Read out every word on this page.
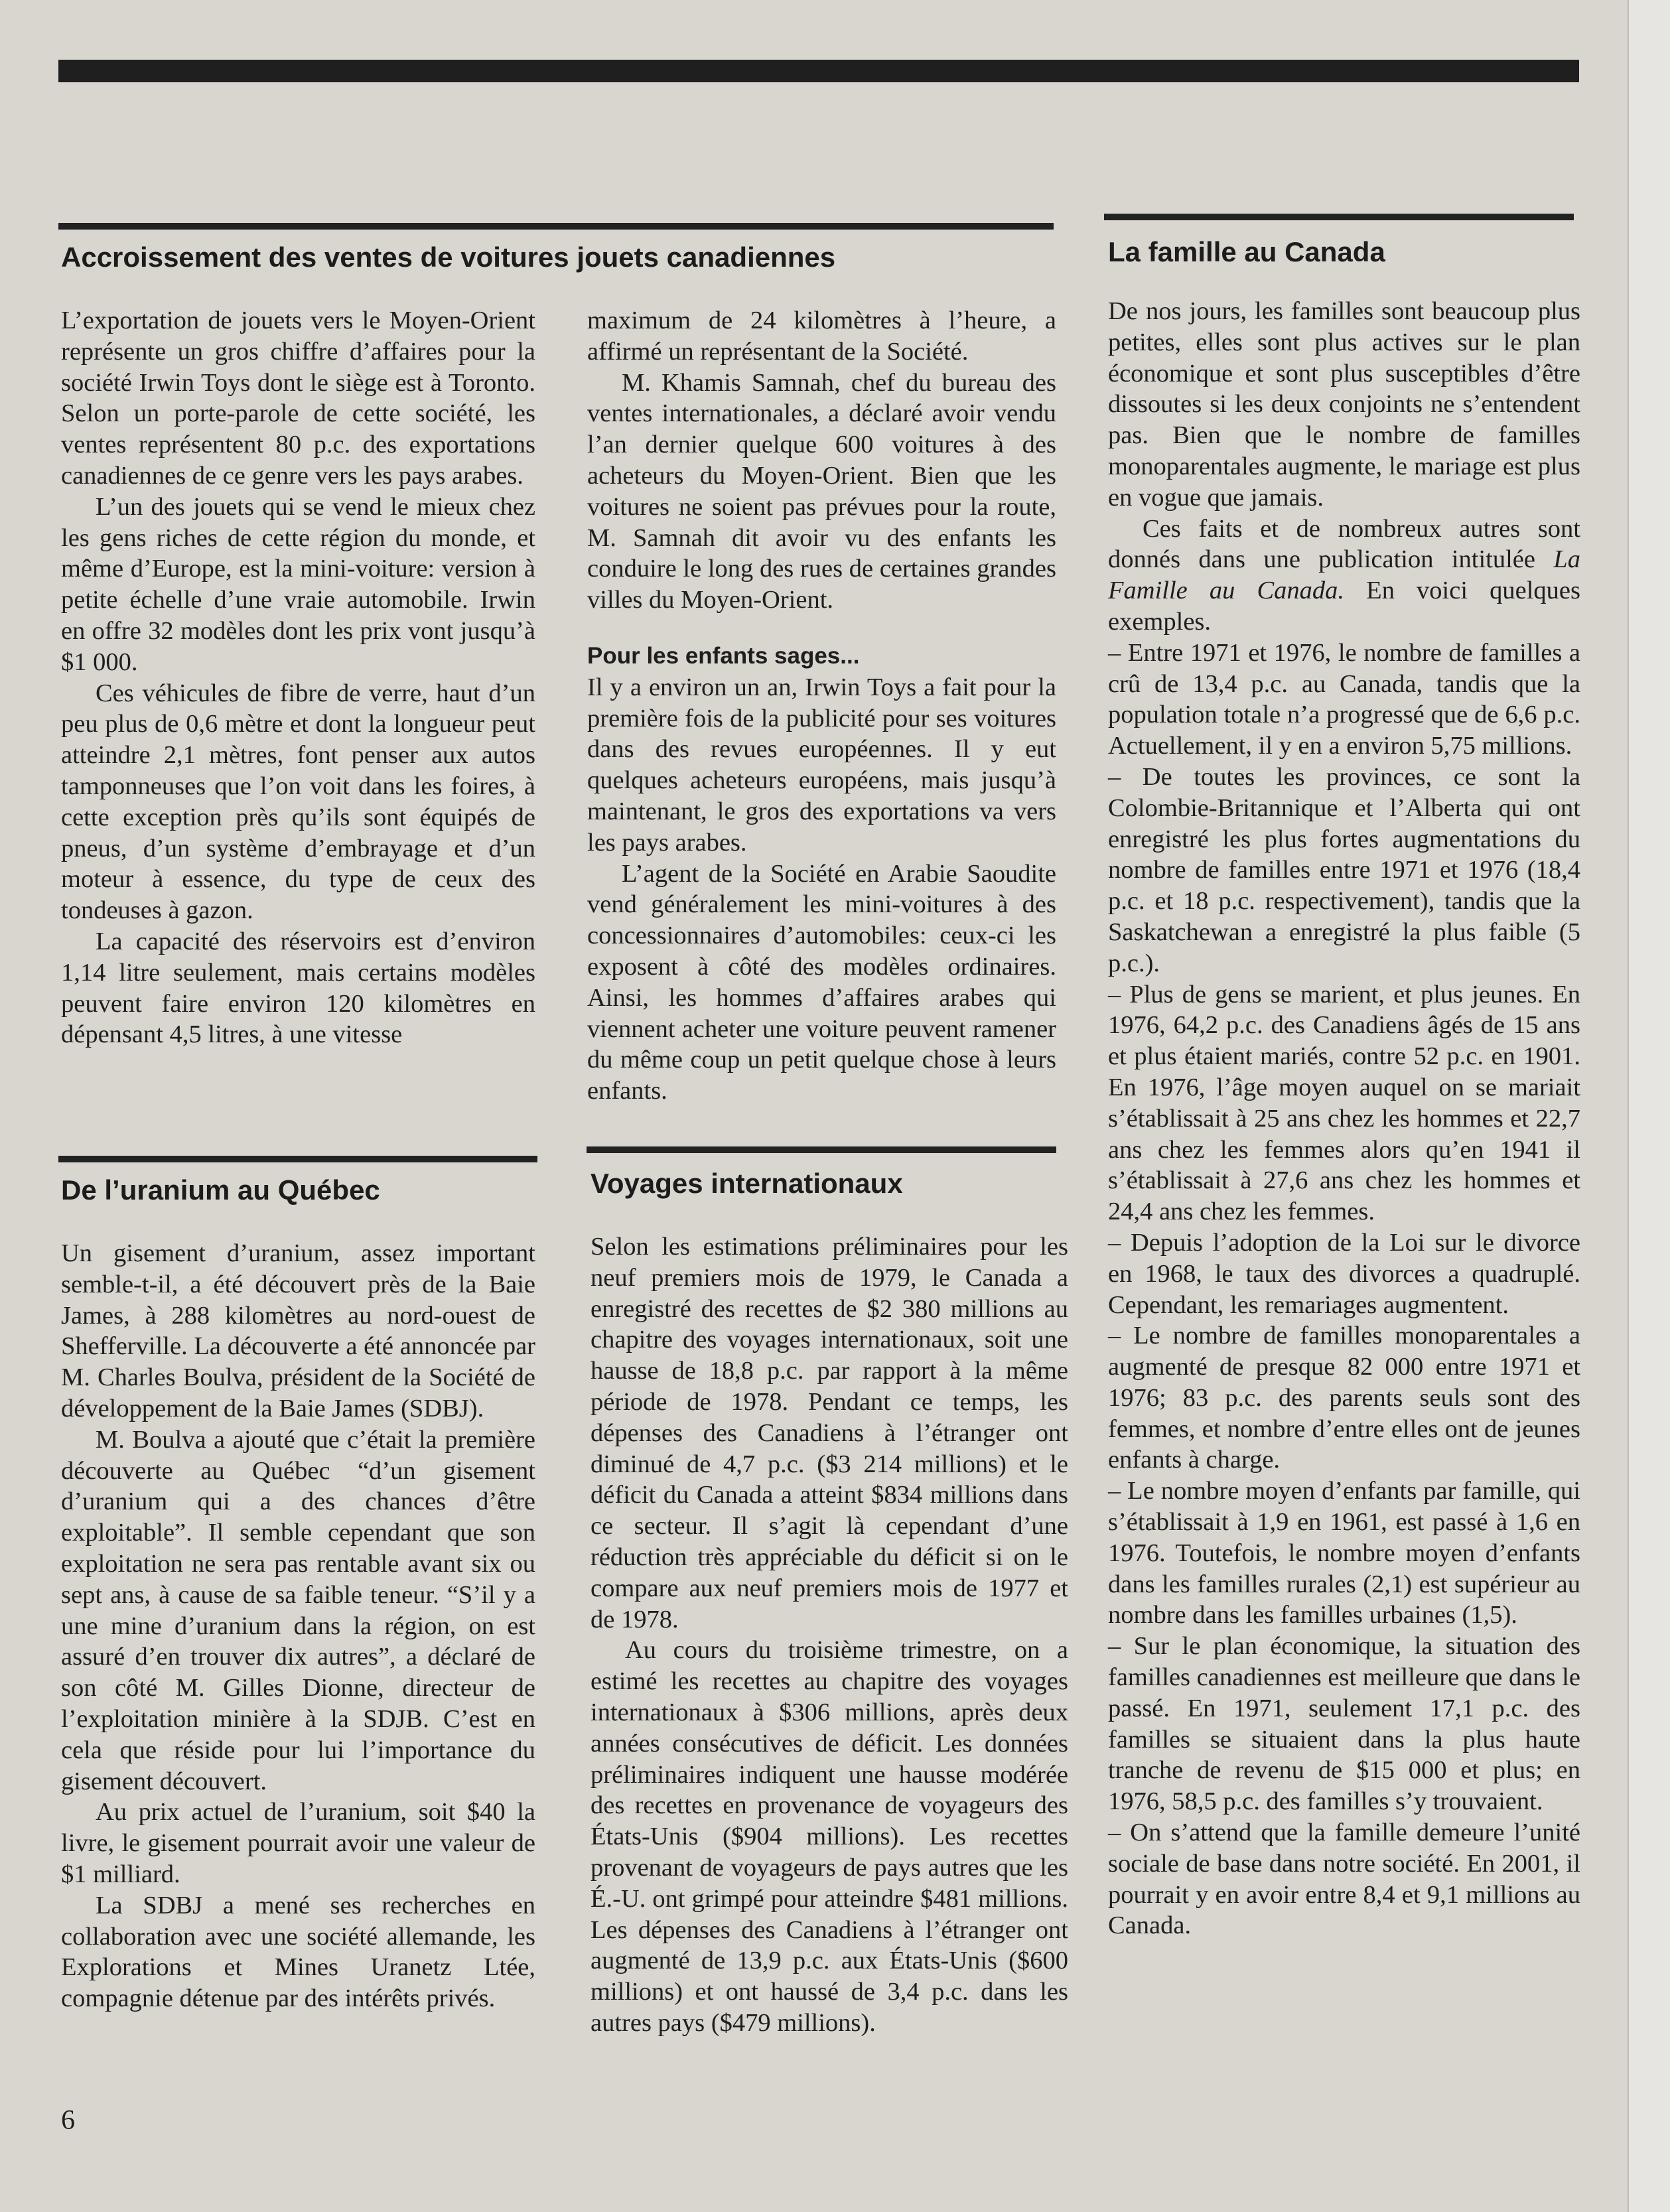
Accroissement des ventes de voitures jouets canadiennes

L’exportation de jouets vers le Moyen-Orient représente un gros chiffre d’affaires pour la société Irwin Toys dont le siège est à Toronto. Selon un porte-parole de cette société, les ventes représentent 80 p.c. des exportations canadiennes de ce genre vers les pays arabes.

L’un des jouets qui se vend le mieux chez les gens riches de cette région du monde, et même d’Europe, est la mini-voiture: version à petite échelle d’une vraie automobile. Irwin en offre 32 modèles dont les prix vont jusqu’à $1 000.

Ces véhicules de fibre de verre, haut d’un peu plus de 0,6 mètre et dont la longueur peut atteindre 2,1 mètres, font penser aux autos tamponneuses que l’on voit dans les foires, à cette exception près qu’ils sont équipés de pneus, d’un système d’embrayage et d’un moteur à essence, du type de ceux des tondeuses à gazon.

La capacité des réservoirs est d’environ 1,14 litre seulement, mais certains modèles peuvent faire environ 120 kilomètres en dépensant 4,5 litres, à une vitesse

maximum de 24 kilomètres à l’heure, a affirmé un représentant de la Société.

M. Khamis Samnah, chef du bureau des ventes internationales, a déclaré avoir vendu l’an dernier quelque 600 voitures à des acheteurs du Moyen-Orient. Bien que les voitures ne soient pas prévues pour la route, M. Samnah dit avoir vu des enfants les conduire le long des rues de certaines grandes villes du Moyen-Orient.

Pour les enfants sages...

Il y a environ un an, Irwin Toys a fait pour la première fois de la publicité pour ses voitures dans des revues européennes. Il y eut quelques acheteurs européens, mais jusqu’à maintenant, le gros des exportations va vers les pays arabes.

L’agent de la Société en Arabie Saoudite vend généralement les mini-voitures à des concessionnaires d’automobiles: ceux-ci les exposent à côté des modèles ordinaires. Ainsi, les hommes d’affaires arabes qui viennent acheter une voiture peuvent ramener du même coup un petit quelque chose à leurs enfants.

De l’uranium au Québec

Un gisement d’uranium, assez important semble-t-il, a été découvert près de la Baie James, à 288 kilomètres au nord-ouest de Shefferville. La découverte a été annoncée par M. Charles Boulva, président de la Société de développement de la Baie James (SDBJ).

M. Boulva a ajouté que c’était la première découverte au Québec “d’un gisement d’uranium qui a des chances d’être exploitable”. Il semble cependant que son exploitation ne sera pas rentable avant six ou sept ans, à cause de sa faible teneur. “S’il y a une mine d’uranium dans la région, on est assuré d’en trouver dix autres”, a déclaré de son côté M. Gilles Dionne, directeur de l’exploitation minière à la SDJB. C’est en cela que réside pour lui l’importance du gisement découvert.

Au prix actuel de l’uranium, soit $40 la livre, le gisement pourrait avoir une valeur de $1 milliard.

La SDBJ a mené ses recherches en collaboration avec une société allemande, les Explorations et Mines Uranetz Ltée, compagnie détenue par des intérêts privés.

Voyages internationaux

Selon les estimations préliminaires pour les neuf premiers mois de 1979, le Canada a enregistré des recettes de $2 380 millions au chapitre des voyages internationaux, soit une hausse de 18,8 p.c. par rapport à la même période de 1978. Pendant ce temps, les dépenses des Canadiens à l’étranger ont diminué de 4,7 p.c. ($3 214 millions) et le déficit du Canada a atteint $834 millions dans ce secteur. Il s’agit là cependant d’une réduction très appréciable du déficit si on le compare aux neuf premiers mois de 1977 et de 1978.

Au cours du troisième trimestre, on a estimé les recettes au chapitre des voyages internationaux à $306 millions, après deux années consécutives de déficit. Les données préliminaires indiquent une hausse modérée des recettes en provenance de voyageurs des États-Unis ($904 millions). Les recettes provenant de voyageurs de pays autres que les É.-U. ont grimpé pour atteindre $481 millions. Les dépenses des Canadiens à l’étranger ont augmenté de 13,9 p.c. aux États-Unis ($600 millions) et ont haussé de 3,4 p.c. dans les autres pays ($479 millions).

La famille au Canada

De nos jours, les familles sont beaucoup plus petites, elles sont plus actives sur le plan économique et sont plus susceptibles d’être dissoutes si les deux conjoints ne s’entendent pas. Bien que le nombre de familles monoparentales augmente, le mariage est plus en vogue que jamais.

Ces faits et de nombreux autres sont donnés dans une publication intitulée La Famille au Canada. En voici quelques exemples.

– Entre 1971 et 1976, le nombre de familles a crû de 13,4 p.c. au Canada, tandis que la population totale n’a progressé que de 6,6 p.c. Actuellement, il y en a environ 5,75 millions.

– De toutes les provinces, ce sont la Colombie-Britannique et l’Alberta qui ont enregistré les plus fortes augmentations du nombre de familles entre 1971 et 1976 (18,4 p.c. et 18 p.c. respectivement), tandis que la Saskatchewan a enregistré la plus faible (5 p.c.).

– Plus de gens se marient, et plus jeunes. En 1976, 64,2 p.c. des Canadiens âgés de 15 ans et plus étaient mariés, contre 52 p.c. en 1901. En 1976, l’âge moyen auquel on se mariait s’établissait à 25 ans chez les hommes et 22,7 ans chez les femmes alors qu’en 1941 il s’établissait à 27,6 ans chez les hommes et 24,4 ans chez les femmes.

– Depuis l’adoption de la Loi sur le divorce en 1968, le taux des divorces a quadruplé. Cependant, les remariages augmentent.

– Le nombre de familles monoparentales a augmenté de presque 82 000 entre 1971 et 1976; 83 p.c. des parents seuls sont des femmes, et nombre d’entre elles ont de jeunes enfants à charge.

– Le nombre moyen d’enfants par famille, qui s’établissait à 1,9 en 1961, est passé à 1,6 en 1976. Toutefois, le nombre moyen d’enfants dans les familles rurales (2,1) est supérieur au nombre dans les familles urbaines (1,5).

– Sur le plan économique, la situation des familles canadiennes est meilleure que dans le passé. En 1971, seulement 17,1 p.c. des familles se situaient dans la plus haute tranche de revenu de $15 000 et plus; en 1976, 58,5 p.c. des familles s’y trouvaient.

– On s’attend que la famille demeure l’unité sociale de base dans notre société. En 2001, il pourrait y en avoir entre 8,4 et 9,1 millions au Canada.

6
